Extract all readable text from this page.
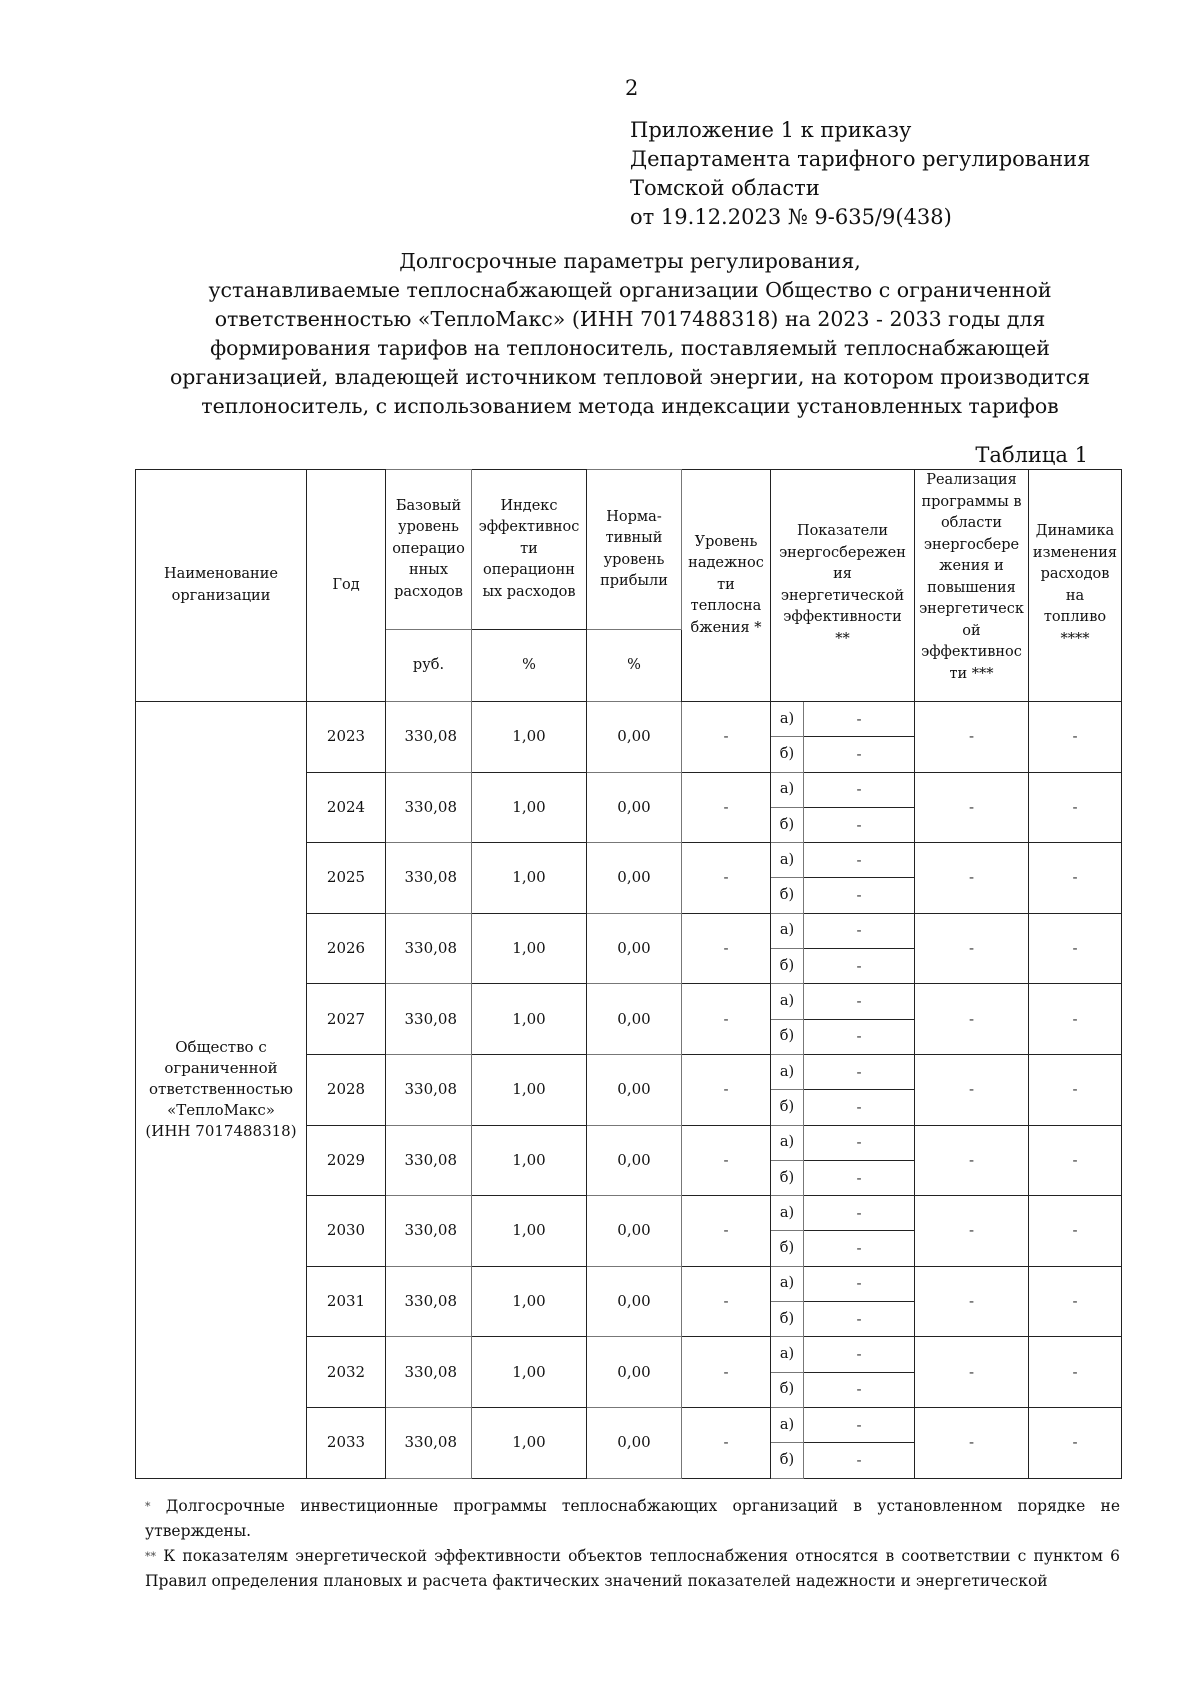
2
Приложение 1 к приказу
Департамента тарифного регулирования
Томской области
от 19.12.2023 № 9-635/9(438)
Долгосрочные параметры регулирования,
устанавливаемые теплоснабжающей организации Общество с ограниченной
ответственностью «ТеплоМакс» (ИНН 7017488318) на 2023 - 2033 годы для
формирования тарифов на теплоноситель, поставляемый теплоснабжающей
организацией, владеющей источником тепловой энергии, на котором производится
теплоноситель, с использованием метода индексации установленных тарифов
Таблица 1
Наименование
организации
	Год	
Базовый
уровень
операцио
нных
расходов

Индекс
эффективнос
ти
операционн
ых расходов

Норма-
тивный
уровень
прибыли

Уровень
надежнос
ти
теплосна
бжения *

Показатели
энергосбережен
ия
энергетической
эффективности
**

Реализация
программы в
области
энергосбере
жения и
повышения
энергетическ
ой
эффективнос
ти ***

Динамика
изменения
расходов
на
топливо
****

		руб.	%	%					

Общество с
ограниченной
ответственностью
«ТеплоМакс»
(ИНН 7017488318)	2023	330,08	1,00	0,00	-	а)	-	-	-
						б)	-		
	2024	330,08	1,00	0,00	-	а)	-	-	-
						б)	-		
	2025	330,08	1,00	0,00	-	а)	-	-	-
						б)	-		
	2026	330,08	1,00	0,00	-	а)	-	-	-
						б)	-		
	2027	330,08	1,00	0,00	-	а)	-	-	-
						б)	-		
	2028	330,08	1,00	0,00	-	а)	-	-	-
						б)	-		
	2029	330,08	1,00	0,00	-	а)	-	-	-
						б)	-		
	2030	330,08	1,00	0,00	-	а)	-	-	-
						б)	-		
	2031	330,08	1,00	0,00	-	а)	-	-	-
						б)	-		
	2032	330,08	1,00	0,00	-	а)	-	-	-
						б)	-		
	2033	330,08	1,00	0,00	-	а)	-	-	-
						б)	-		

* Долгосрочные инвестиционные программы теплоснабжающих организаций в установленном порядке не утверждены.

** К показателям энергетической эффективности объектов теплоснабжения относятся в соответствии с пунктом 6 Правил определения плановых и расчета фактических значений показателей надежности и энергетической
